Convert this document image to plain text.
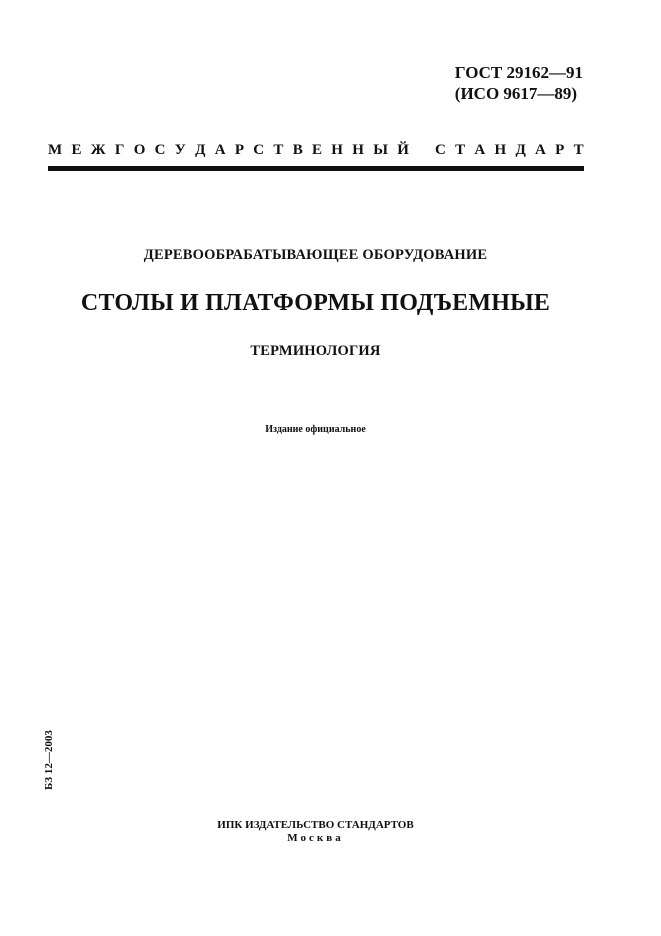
ГОСТ 29162—91
(ИСО 9617—89)
М Е Ж Г О С У Д А Р С Т В Е Н Н Ы Й
С Т А Н Д А Р Т
ДЕРЕВООБРАБАТЫВАЮЩЕЕ ОБОРУДОВАНИЕ
СТОЛЫ И ПЛАТФОРМЫ ПОДЪЕМНЫЕ
ТЕРМИНОЛОГИЯ
Издание официальное
БЗ 12—2003
ИПК ИЗДАТЕЛЬСТВО СТАНДАРТОВ
Москва
